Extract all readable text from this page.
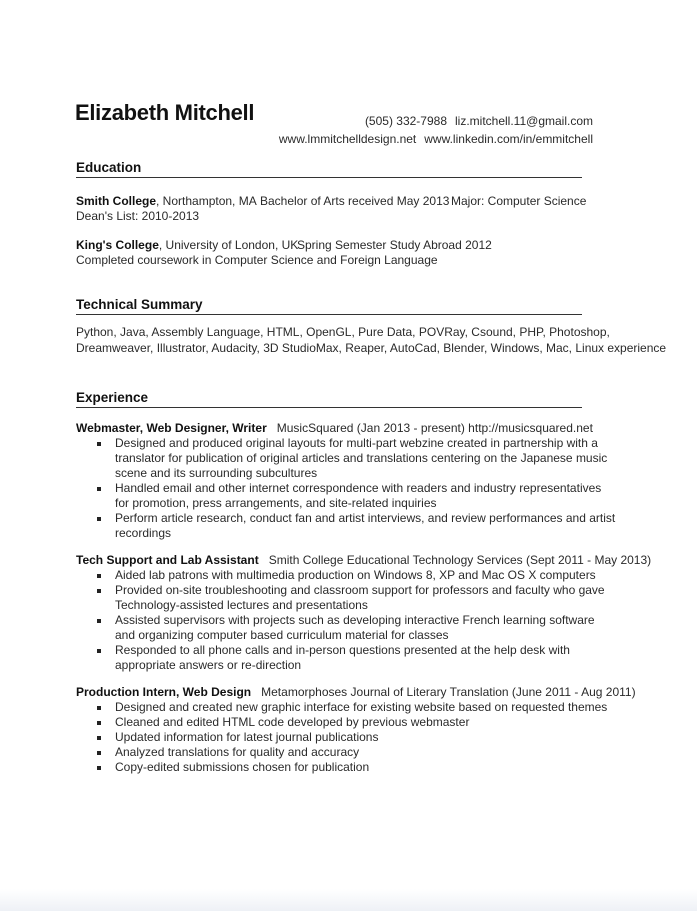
Elizabeth Mitchell	(505) 332-7988 liz.mitchell.11@gmail.com
www.lmmitchelldesign.net www.linkedin.com/in/emmitchell
Education
Smith College, Northampton, MA Bachelor of Arts received May 2013 Major: Computer Science
Dean's List: 2010-2013
King's College, University of London, UK
Spring Semester Study Abroad 2012
Completed coursework in Computer Science and Foreign Language
Technical Summary
Python, Java, Assembly Language, HTML, OpenGL, Pure Data, POVRay, Csound, PHP, Photoshop,
Dreamweaver, Illustrator, Audacity, 3D StudioMax, Reaper, AutoCad, Blender, Windows, Mac, Linux experience
Experience
Webmaster, Web Designer, Writer MusicSquared (Jan 2013 - present) http://musicsquared.net
Designed and produced original layouts for multi-part webzine created in partnership with a translator for publication of original articles and translations centering on the Japanese music scene and its surrounding subcultures
Handled email and other internet correspondence with readers and industry representatives for promotion, press arrangements, and site-related inquiries
Perform article research, conduct fan and artist interviews, and review performances and artist recordings
Tech Support and Lab Assistant Smith College Educational Technology Services (Sept 2011 - May 2013)
Aided lab patrons with multimedia production on Windows 8, XP and Mac OS X computers
Provided on-site troubleshooting and classroom support for professors and faculty who gave Technology-assisted lectures and presentations
Assisted supervisors with projects such as developing interactive French learning software and organizing computer based curriculum material for classes
Responded to all phone calls and in-person questions presented at the help desk with appropriate answers or re-direction
Production Intern, Web Design Metamorphoses Journal of Literary Translation (June 2011 - Aug 2011)
Designed and created new graphic interface for existing website based on requested themes
Cleaned and edited HTML code developed by previous webmaster
Updated information for latest journal publications
Analyzed translations for quality and accuracy
Copy-edited submissions chosen for publication
